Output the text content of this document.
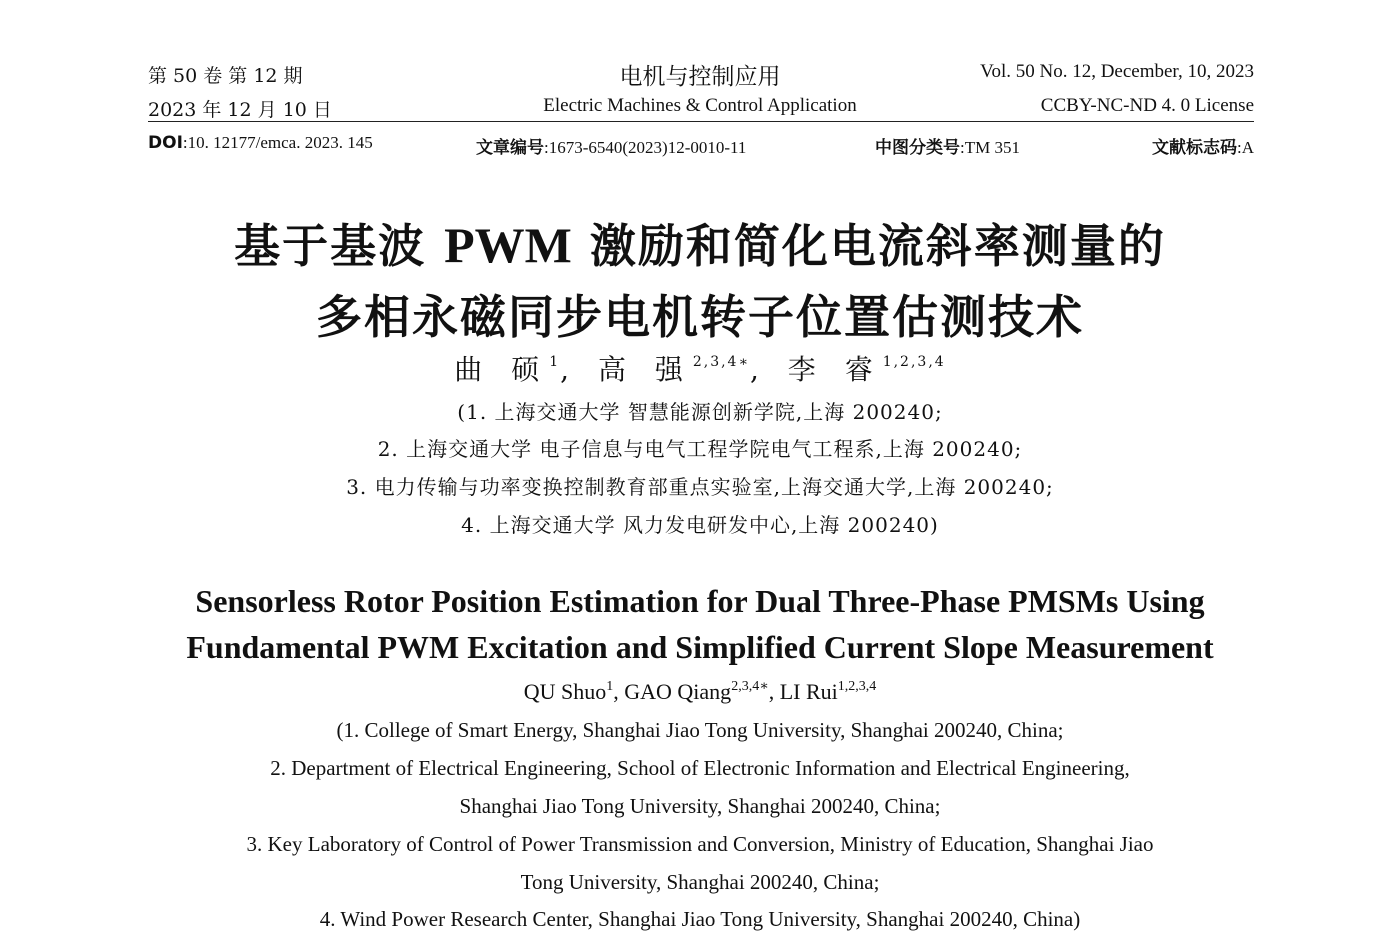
第 50 卷 第 12 期	电机与控制应用	Vol. 50 No. 12, December, 10, 2023
2023 年 12 月 10 日	Electric Machines & Control Application	CCBY-NC-ND 4. 0 License
DOI:10. 12177/emca. 2023. 145	文章编号:1673-6540(2023)12-0010-11	中图分类号:TM 351	文献标志码:A
基于基波 PWM 激励和简化电流斜率测量的
多相永磁同步电机转子位置估测技术
曲 硕$^1$, 高 强$^{2,3,4∗}$, 李 睿$^{1,2,3,4}$
(1. 上海交通大学 智慧能源创新学院,上海 200240;
2. 上海交通大学 电子信息与电气工程学院电气工程系,上海 200240;
3. 电力传输与功率变换控制教育部重点实验室,上海交通大学,上海 200240;
4. 上海交通大学 风力发电研发中心,上海 200240)
Sensorless Rotor Position Estimation for Dual Three-Phase PMSMs Using
Fundamental PWM Excitation and Simplified Current Slope Measurement
QU Shuo$^1$, GAO Qiang$^{2,3,4∗}$, LI Rui$^{1,2,3,4}$
(1. College of Smart Energy, Shanghai Jiao Tong University, Shanghai 200240, China;
2. Department of Electrical Engineering, School of Electronic Information and Electrical Engineering,
Shanghai Jiao Tong University, Shanghai 200240, China;
3. Key Laboratory of Control of Power Transmission and Conversion, Ministry of Education, Shanghai Jiao
Tong University, Shanghai 200240, China;
4. Wind Power Research Center, Shanghai Jiao Tong University, Shanghai 200240, China)
